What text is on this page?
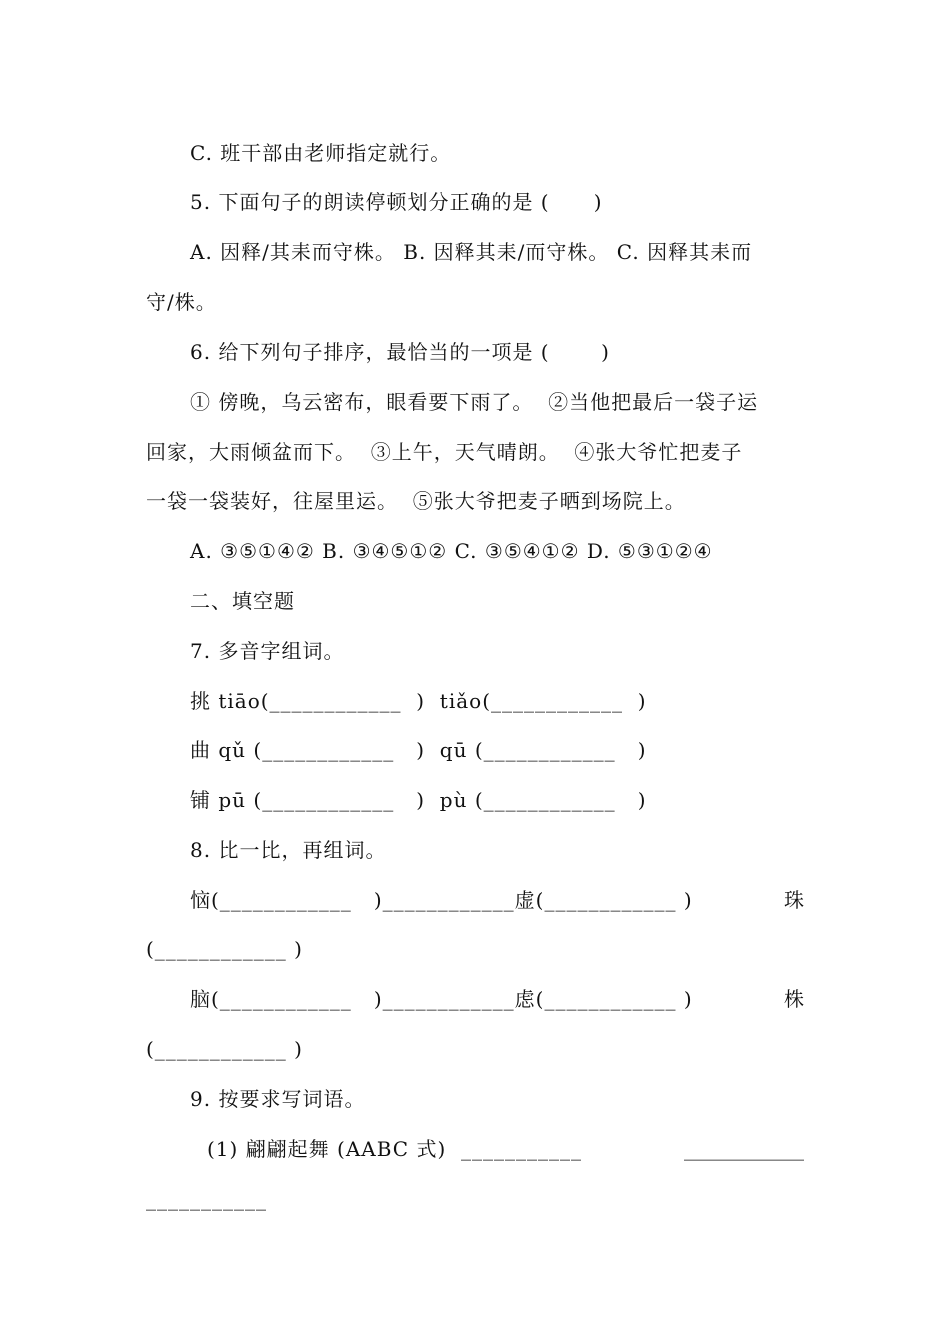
C. 班干部由老师指定就行。
5. 下面句子的朗读停顿划分正确的是 (      )
A. 因释/其耒而守株。 B. 因释其耒/而守株。 C. 因释其耒而
守/株。
6. 给下列句子排序，最恰当的一项是 (       )
① 傍晚，乌云密布，眼看要下雨了。  ②当他把最后一袋子运
回家，大雨倾盆而下。  ③上午，天气晴朗。  ④张大爷忙把麦子
一袋一袋装好，往屋里运。  ⑤张大爷把麦子晒到场院上。
A. ③⑤①④② B. ③④⑤①② C. ③⑤④①② D. ⑤③①②④
二、填空题
7. 多音字组词。
挑 tiāo(____________  )  tiǎo(____________  )
曲 qǔ (____________   )  qū (____________   )
铺 pū (____________   )  pù (____________   )
8. 比一比，再组词。
恼(____________   )____________虚(____________ )	珠
(____________ )
脑(____________   )____________虑(____________ )	株
(____________ )
9. 按要求写词语。
(1) 翩翩起舞 (AABC 式)  ___________	____________
___________
